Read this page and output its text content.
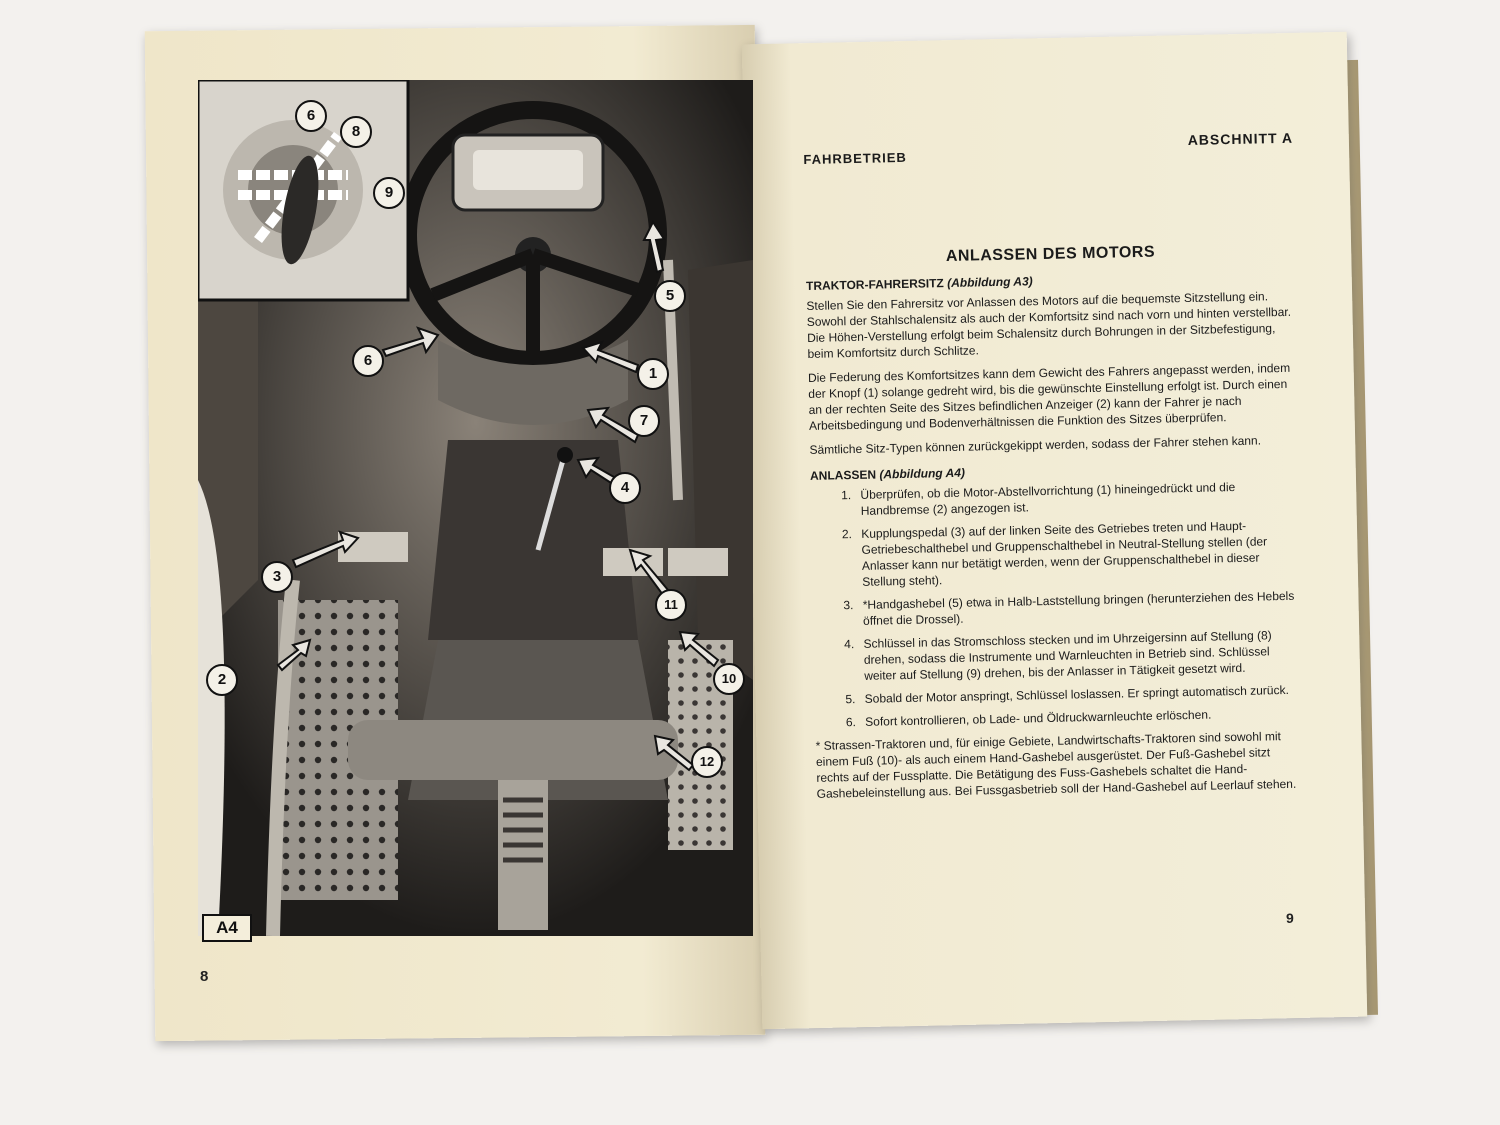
6
8
9
5
6
1
7
4
3
11
2	10
12
A4
8
FAHRBETRIEB
ABSCHNITT A
ANLASSEN DES MOTORS
TRAKTOR-FAHRERSITZ (Abbildung A3)

Stellen Sie den Fahrersitz vor Anlassen des Motors auf die bequemste Sitzstellung ein. Sowohl der Stahlschalensitz als auch der Komfortsitz sind nach vorn und hinten verstellbar. Die Höhen-Verstellung erfolgt beim Schalensitz durch Bohrungen in der Sitzbefestigung, beim Komfortsitz durch Schlitze.

Die Federung des Komfortsitzes kann dem Gewicht des Fahrers angepasst werden, indem der Knopf (1) solange gedreht wird, bis die gewünschte Einstellung erfolgt ist. Durch einen an der rechten Seite des Sitzes befindlichen Anzeiger (2) kann der Fahrer je nach Arbeitsbedingung und Bodenverhältnissen die Funktion des Sitzes überprüfen.

Sämtliche Sitz-Typen können zurückgekippt werden, sodass der Fahrer stehen kann.

ANLASSEN (Abbildung A4)
1. Überprüfen, ob die Motor-Abstellvorrichtung (1) hineingedrückt und die Handbremse (2) angezogen ist.
2. Kupplungspedal (3) auf der linken Seite des Getriebes treten und Haupt-Getriebeschalthebel und Gruppenschalthebel in Neutral-Stellung stellen (der Anlasser kann nur betätigt werden, wenn der Gruppenschalthebel in dieser Stellung steht).
3. *Handgashebel (5) etwa in Halb-Laststellung bringen (herunterziehen des Hebels öffnet die Drossel).
4. Schlüssel in das Stromschloss stecken und im Uhrzeigersinn auf Stellung (8) drehen, sodass die Instrumente und Warnleuchten in Betrieb sind. Schlüssel weiter auf Stellung (9) drehen, bis der Anlasser in Tätigkeit gesetzt wird.
5. Sobald der Motor anspringt, Schlüssel loslassen. Er springt automatisch zurück.
6. Sofort kontrollieren, ob Lade- und Öldruckwarnleuchte erlöschen.

* Strassen-Traktoren und, für einige Gebiete, Landwirtschafts-Traktoren sind sowohl mit einem Fuß (10)- als auch einem Hand-Gashebel ausgerüstet. Der Fuß-Gashebel sitzt rechts auf der Fussplatte. Die Betätigung des Fuss-Gashebels schaltet die Hand-Gashebeleinstellung aus. Bei Fussgasbetrieb soll der Hand-Gashebel auf Leerlauf stehen.

9
